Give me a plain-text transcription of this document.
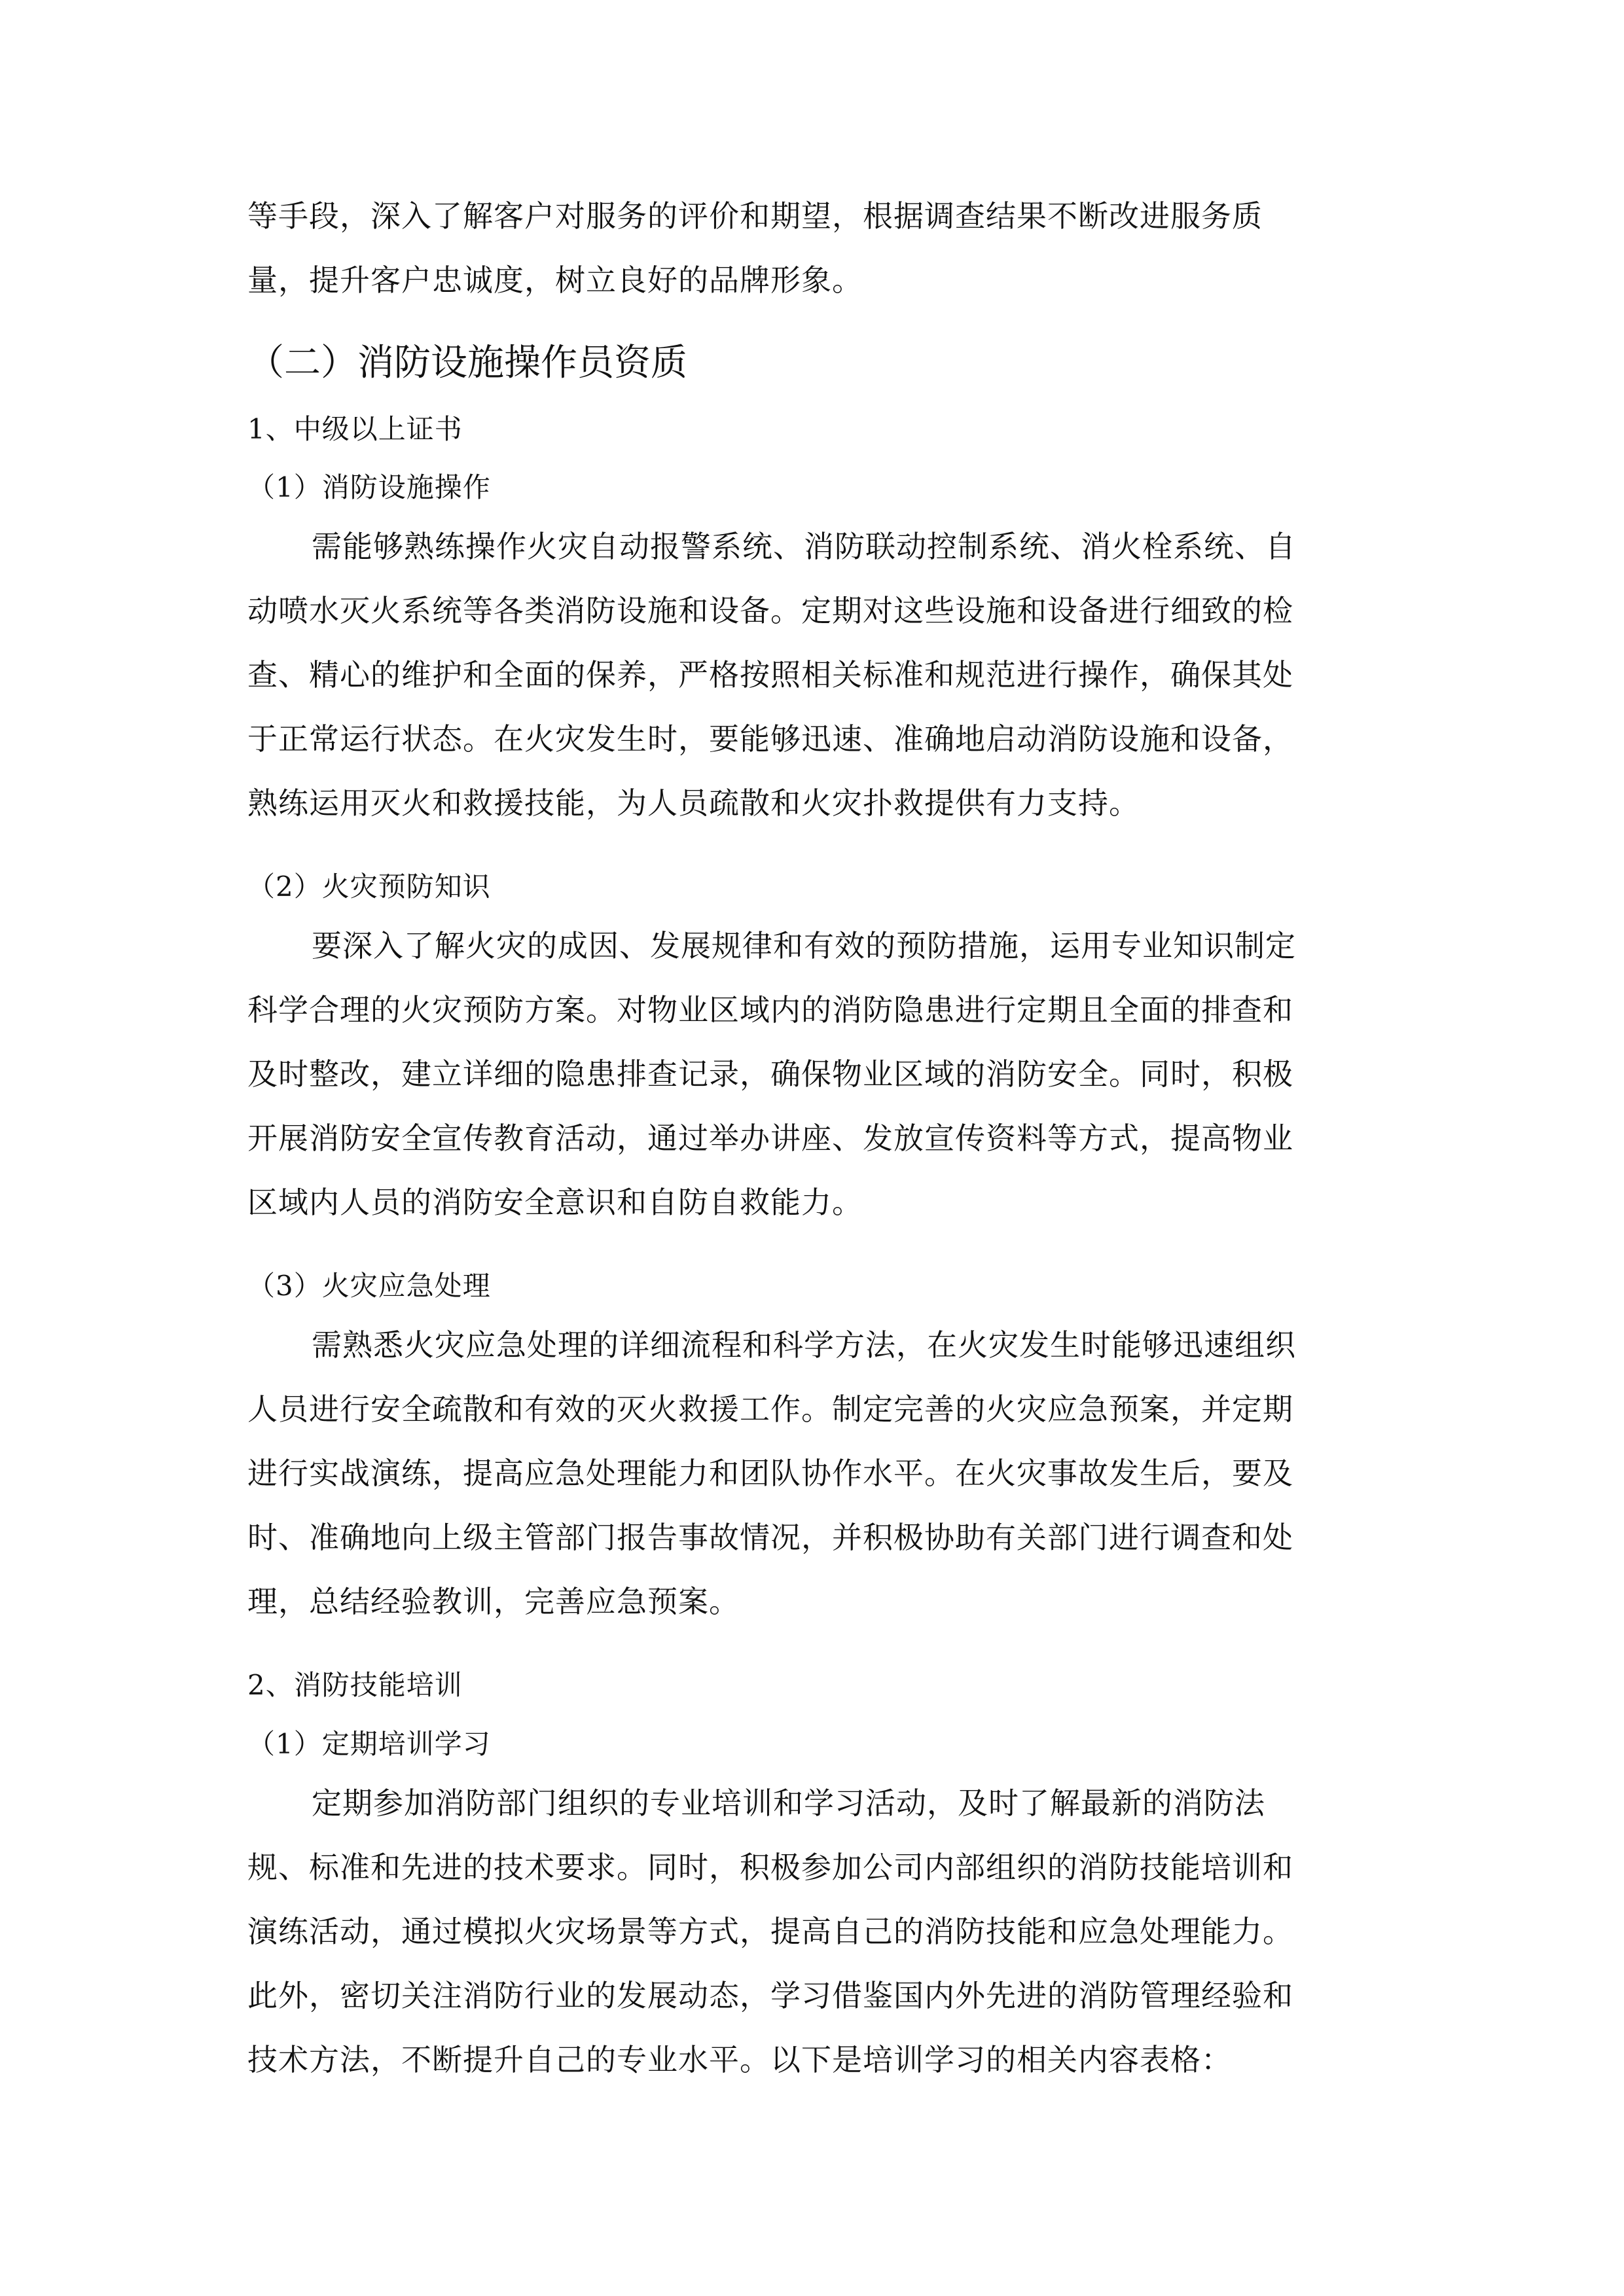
等手段，深入了解客户对服务的评价和期望，根据调查结果不断改进服务质
量，提升客户忠诚度，树立良好的品牌形象。
（二）消防设施操作员资质
1、中级以上证书
（1）消防设施操作
需能够熟练操作火灾自动报警系统、消防联动控制系统、消火栓系统、自
动喷水灭火系统等各类消防设施和设备。定期对这些设施和设备进行细致的检
查、精心的维护和全面的保养，严格按照相关标准和规范进行操作，确保其处
于正常运行状态。在火灾发生时，要能够迅速、准确地启动消防设施和设备，
熟练运用灭火和救援技能，为人员疏散和火灾扑救提供有力支持。
（2）火灾预防知识
要深入了解火灾的成因、发展规律和有效的预防措施，运用专业知识制定
科学合理的火灾预防方案。对物业区域内的消防隐患进行定期且全面的排查和
及时整改，建立详细的隐患排查记录，确保物业区域的消防安全。同时，积极
开展消防安全宣传教育活动，通过举办讲座、发放宣传资料等方式，提高物业
区域内人员的消防安全意识和自防自救能力。
（3）火灾应急处理
需熟悉火灾应急处理的详细流程和科学方法，在火灾发生时能够迅速组织
人员进行安全疏散和有效的灭火救援工作。制定完善的火灾应急预案，并定期
进行实战演练，提高应急处理能力和团队协作水平。在火灾事故发生后，要及
时、准确地向上级主管部门报告事故情况，并积极协助有关部门进行调查和处
理，总结经验教训，完善应急预案。
2、消防技能培训
（1）定期培训学习
定期参加消防部门组织的专业培训和学习活动，及时了解最新的消防法
规、标准和先进的技术要求。同时，积极参加公司内部组织的消防技能培训和
演练活动，通过模拟火灾场景等方式，提高自己的消防技能和应急处理能力。
此外，密切关注消防行业的发展动态，学习借鉴国内外先进的消防管理经验和
技术方法，不断提升自己的专业水平。以下是培训学习的相关内容表格：
